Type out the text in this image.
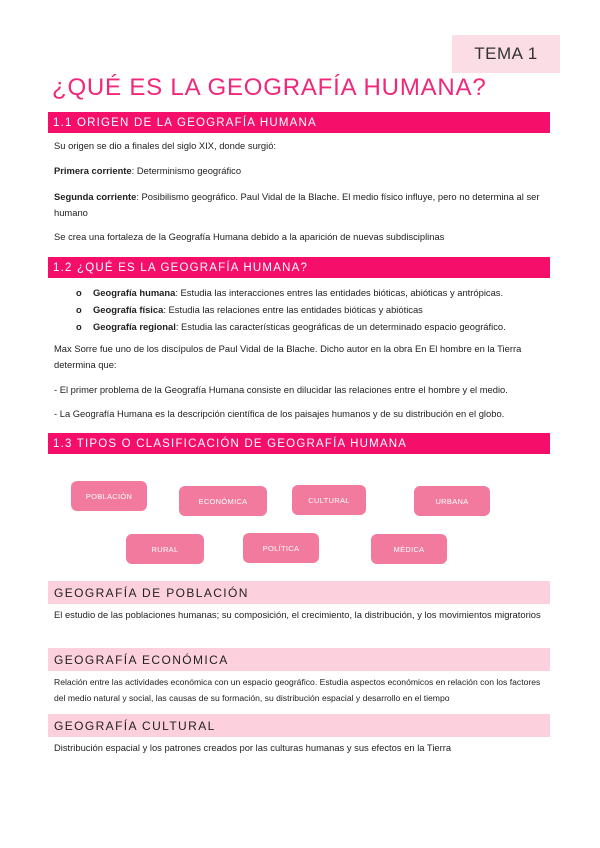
TEMA 1
¿QUÉ ES LA GEOGRAFÍA HUMANA?
1.1 ORIGEN DE LA GEOGRAFÍA HUMANA

Su origen se dio a finales del siglo XIX, donde surgió:

Primera corriente: Determinismo geográfico

Segunda corriente: Posibilismo geográfico. Paul Vidal de la Blache. El medio físico influye, pero no determina al ser humano

Se crea una fortaleza de la Geografía Humana debido a la aparición de nuevas subdisciplinas

1.2 ¿QUÉ ES LA GEOGRAFÍA HUMANA?
o Geografía humana: Estudia las interacciones entres las entidades bióticas, abióticas y antrópicas.
o Geografía física: Estudia las relaciones entre las entidades bióticas y abióticas
o Geografía regional: Estudia las características geográficas de un determinado espacio geográfico.

Max Sorre fue uno de los discípulos de Paul Vidal de la Blache. Dicho autor en la obra En El hombre en la Tierra determina que:

- El primer problema de la Geografía Humana consiste en dilucidar las relaciones entre el hombre y el medio.

- La Geografía Humana es la descripción científica de los paisajes humanos y de su distribución en el globo.

1.3 TIPOS O CLASIFICACIÓN DE GEOGRAFÍA HUMANA
POBLACIÓN
ECONÓMICA	CULTURAL	URBANA
RURAL	POLÍTICA	MÉDICA
GEOGRAFÍA DE POBLACIÓN

El estudio de las poblaciones humanas; su composición, el crecimiento, la distribución, y los movimientos migratorios

GEOGRAFÍA ECONÓMICA

Relación entre las actividades económica con un espacio geográfico. Estudia aspectos económicos en relación con los factores del medio natural y social, las causas de su formación, su distribución espacial y desarrollo en el tiempo

GEOGRAFÍA CULTURAL

Distribución espacial y los patrones creados por las culturas humanas y sus efectos en la Tierra
